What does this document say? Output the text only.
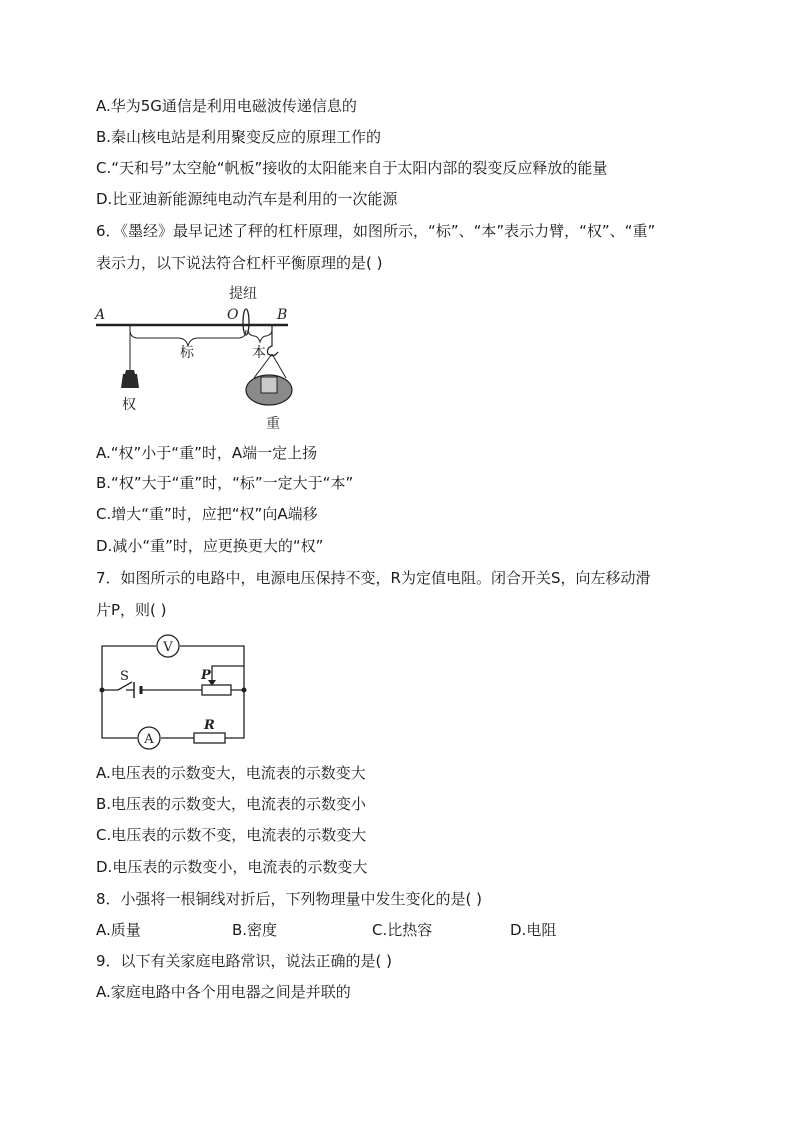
A.华为5G通信是利用电磁波传递信息的
B.秦山核电站是利用聚变反应的原理工作的
C.“天和号”太空舱“帆板”接收的太阳能来自于太阳内部的裂变反应释放的能量
D.比亚迪新能源纯电动汽车是利用的一次能源
6．《墨经》最早记述了秤的杠杆原理，如图所示，“标”、“本”表示力臂，“权”、“重”
表示力，以下说法符合杠杆平衡原理的是( )
提纽
A	O	B
标	本
权
重
A.“权”小于“重”时，A端一定上扬
B.“权”大于“重”时，“标”一定大于“本”
C.增大“重”时，应把“权”向A端移
D.减小“重”时，应更换更大的“权”
7．如图所示的电路中，电源电压保持不变，R为定值电阻。闭合开关S，向左移动滑
片P，则( )
V
A
S	P
R
A.电压表的示数变大，电流表的示数变大
B.电压表的示数变大，电流表的示数变小
C.电压表的示数不变，电流表的示数变大
D.电压表的示数变小，电流表的示数变大
8．小强将一根铜线对折后，下列物理量中发生变化的是( )
A.质量	B.密度	C.比热容	D.电阻
9．以下有关家庭电路常识，说法正确的是( )
A.家庭电路中各个用电器之间是并联的
